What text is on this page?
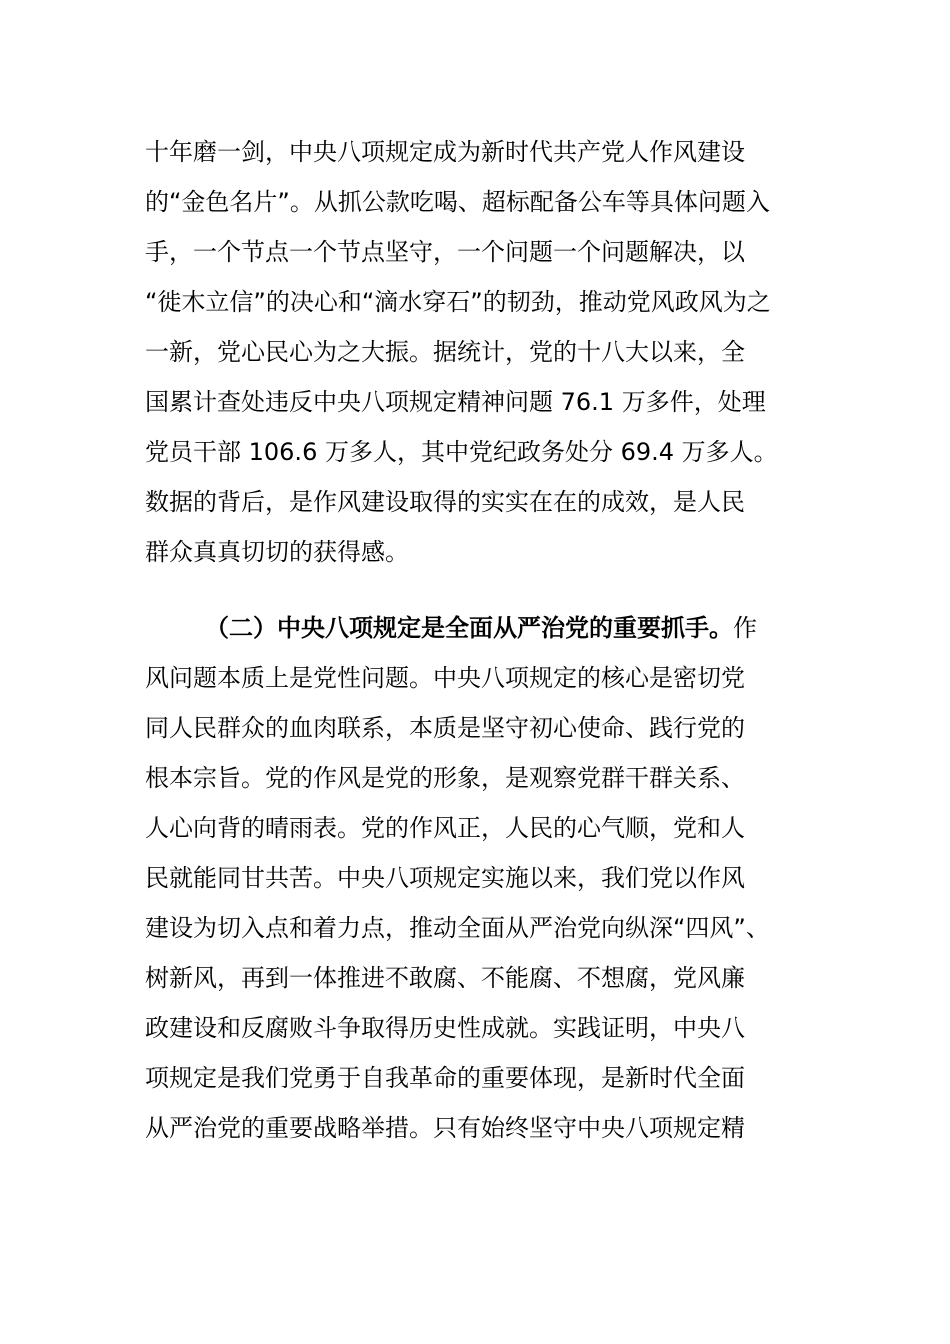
十年磨一剑，中央八项规定成为新时代共产党人作风建设
的“金色名片”。从抓公款吃喝、超标配备公车等具体问题入
手，一个节点一个节点坚守，一个问题一个问题解决，以
“徙木立信”的决心和“滴水穿石”的韧劲，推动党风政风为之
一新，党心民心为之大振。据统计，党的十八大以来，全
国累计查处违反中央八项规定精神问题 76.1 万多件，处理
党员干部 106.6 万多人，其中党纪政务处分 69.4 万多人。
数据的背后，是作风建设取得的实实在在的成效，是人民
群众真真切切的获得感。
（二）中央八项规定是全面从严治党的重要抓手。作
风问题本质上是党性问题。中央八项规定的核心是密切党
同人民群众的血肉联系，本质是坚守初心使命、践行党的
根本宗旨。党的作风是党的形象，是观察党群干群关系、
人心向背的晴雨表。党的作风正，人民的心气顺，党和人
民就能同甘共苦。中央八项规定实施以来，我们党以作风
建设为切入点和着力点，推动全面从严治党向纵深“四风”、
树新风，再到一体推进不敢腐、不能腐、不想腐，党风廉
政建设和反腐败斗争取得历史性成就。实践证明，中央八
项规定是我们党勇于自我革命的重要体现，是新时代全面
从严治党的重要战略举措。只有始终坚守中央八项规定精
